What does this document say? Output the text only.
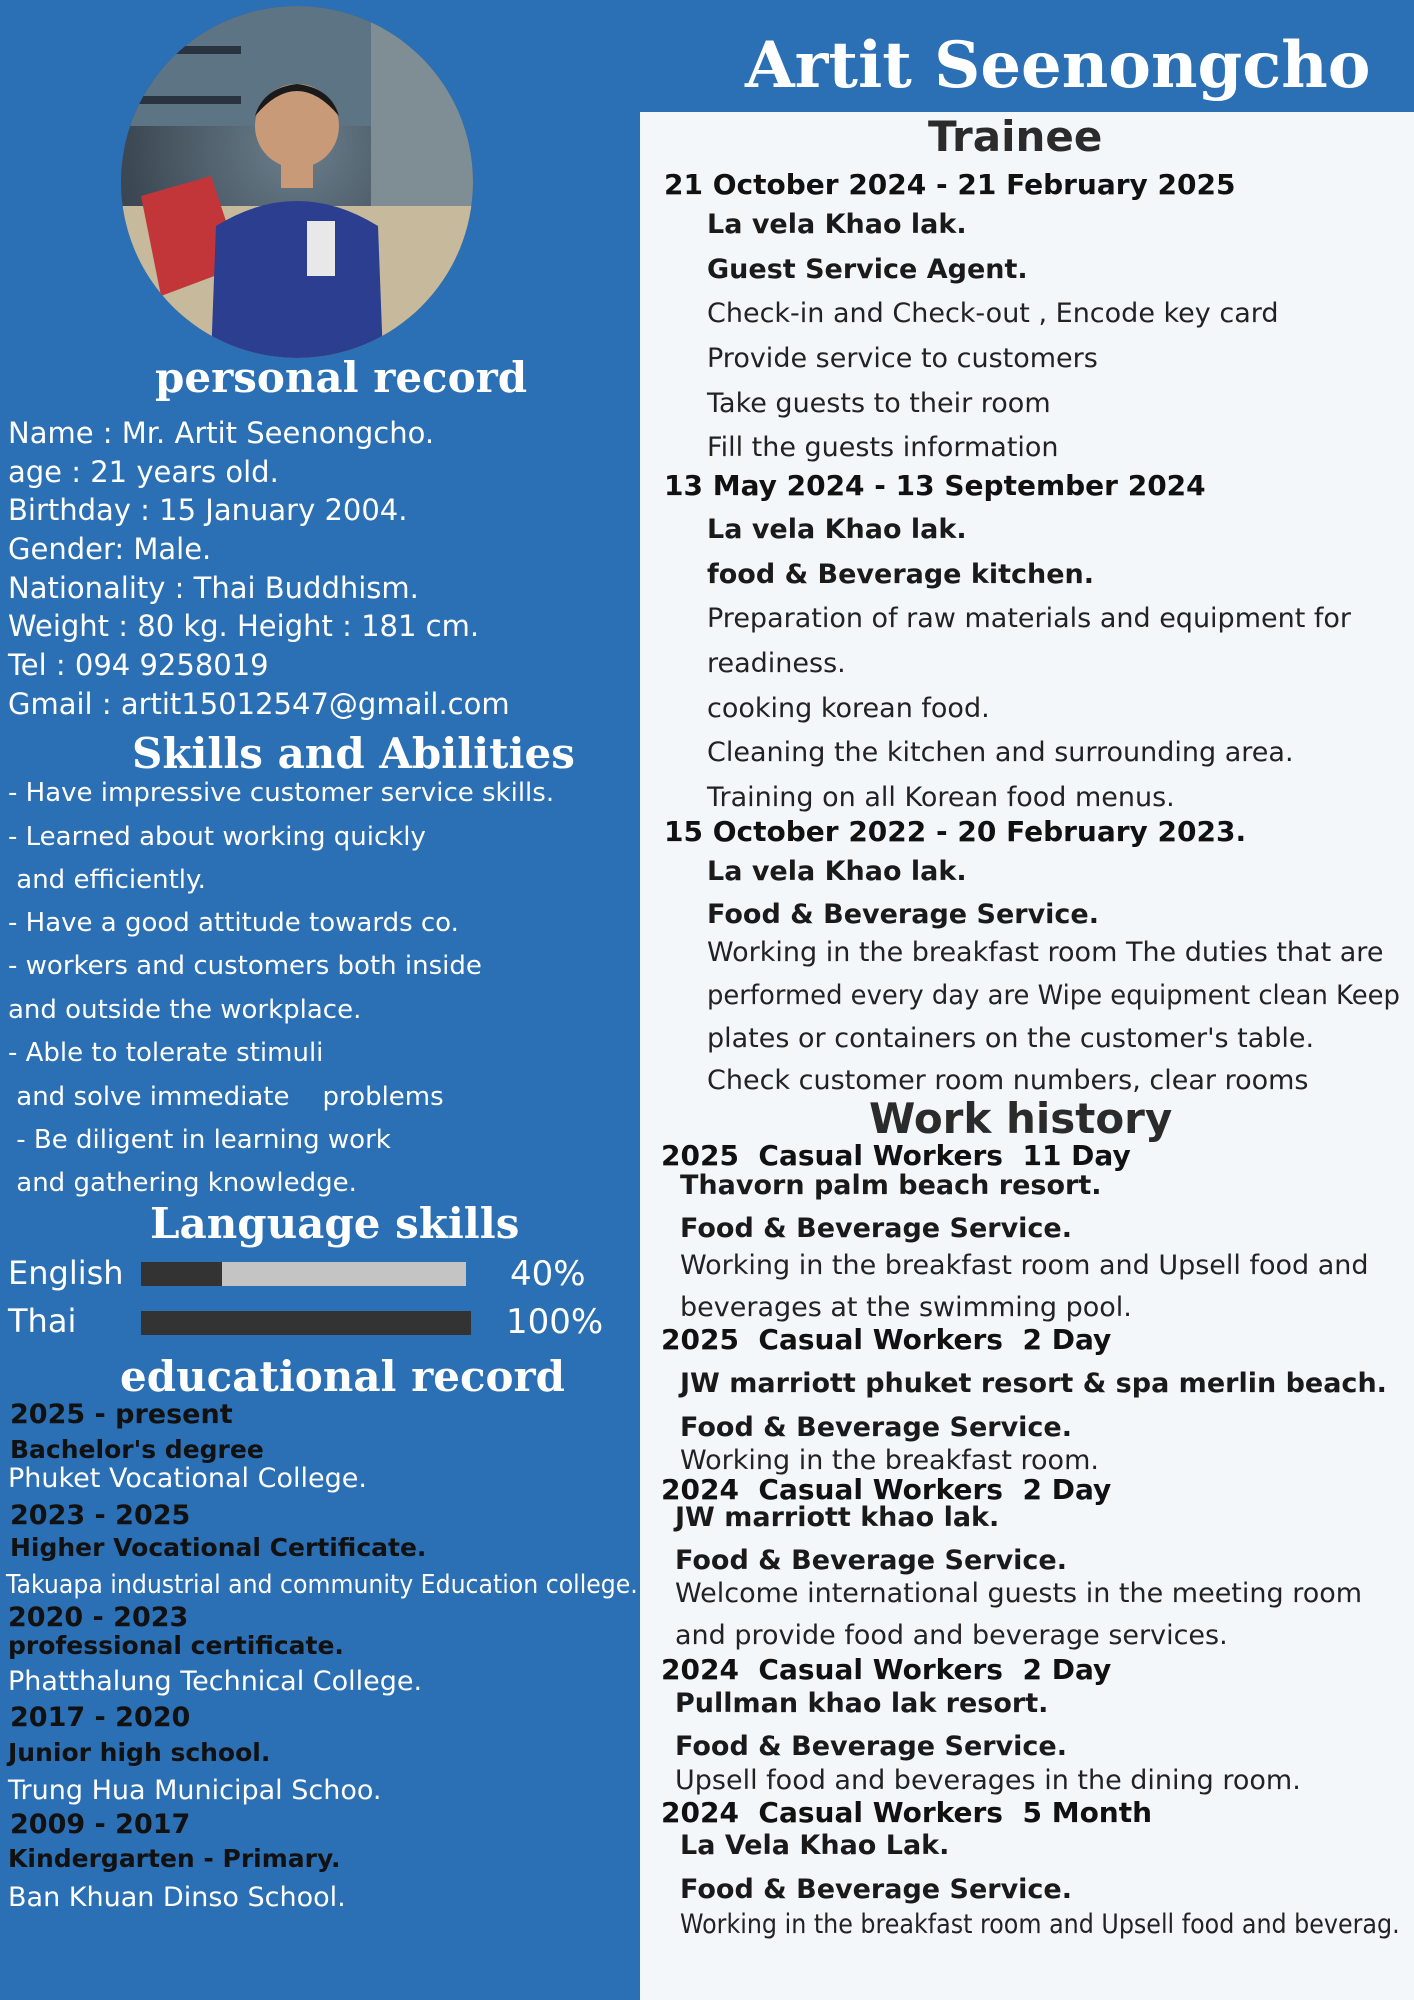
Artit Seenongcho
personal record
Name : Mr. Artit Seenongcho.
age : 21 years old.
Birthday : 15 January 2004.
Gender: Male.
Nationality : Thai Buddhism.
Weight : 80 kg. Height : 181 cm.
Tel : 094 9258019
Gmail : artit15012547@gmail.com
Skills and Abilities
- Have impressive customer service skills.
- Learned about working quickly
and efficiently.
- Have a good attitude towards co.
- workers and customers both inside
and outside the workplace.
- Able to tolerate stimuli
and solve immediate    problems
- Be diligent in learning work
and gathering knowledge.
Language skills
English	40%
Thai	100%
educational record
2025 - present
Bachelor's degree
Phuket Vocational College.
2023 - 2025
Higher Vocational Certificate.
Takuapa industrial and community Education college.
2020 - 2023
professional certificate.
Phatthalung Technical College.
2017 - 2020
Junior high school.
Trung Hua Municipal Schoo.
2009 - 2017
Kindergarten - Primary.
Ban Khuan Dinso School.
Trainee
21 October 2024 - 21 February 2025
La vela Khao lak.
Guest Service Agent.
Check-in and Check-out , Encode key card
Provide service to customers
Take guests to their room
Fill the guests information
13 May 2024 - 13 September 2024
La vela Khao lak.
food & Beverage kitchen.
Preparation of raw materials and equipment for
readiness.
cooking korean food.
Cleaning the kitchen and surrounding area.
Training on all Korean food menus.
15 October 2022 - 20 February 2023.
La vela Khao lak.
Food & Beverage Service.
Working in the breakfast room The duties that are
performed every day are Wipe equipment clean Keep
plates or containers on the customer's table.
Check customer room numbers, clear rooms
Work history
2025  Casual Workers  11 Day
Thavorn palm beach resort.
Food & Beverage Service.
Working in the breakfast room and Upsell food and
beverages at the swimming pool.
2025  Casual Workers  2 Day
JW marriott phuket resort & spa merlin beach.
Food & Beverage Service.
Working in the breakfast room.
2024  Casual Workers  2 Day
JW marriott khao lak.
Food & Beverage Service.
Welcome international guests in the meeting room
and provide food and beverage services.
2024  Casual Workers  2 Day
Pullman khao lak resort.
Food & Beverage Service.
Upsell food and beverages in the dining room.
2024  Casual Workers  5 Month
La Vela Khao Lak.
Food & Beverage Service.
Working in the breakfast room and Upsell food and beverag.
